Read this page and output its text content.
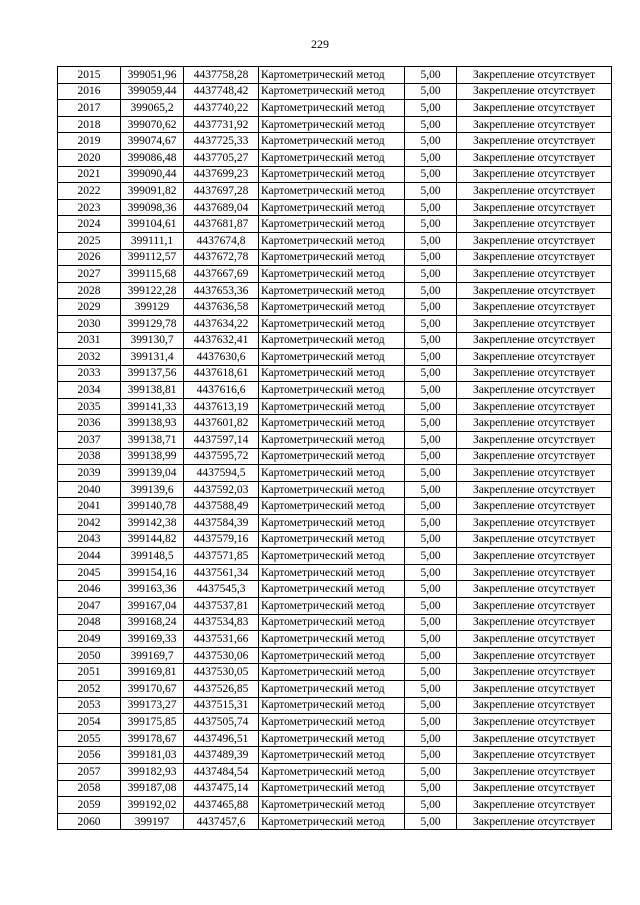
229
2015	399051,96	4437758,28	Картометрический метод	5,00	Закрепление отсутствует
2016	399059,44	4437748,42	Картометрический метод	5,00	Закрепление отсутствует
2017	399065,2	4437740,22	Картометрический метод	5,00	Закрепление отсутствует
2018	399070,62	4437731,92	Картометрический метод	5,00	Закрепление отсутствует
2019	399074,67	4437725,33	Картометрический метод	5,00	Закрепление отсутствует
2020	399086,48	4437705,27	Картометрический метод	5,00	Закрепление отсутствует
2021	399090,44	4437699,23	Картометрический метод	5,00	Закрепление отсутствует
2022	399091,82	4437697,28	Картометрический метод	5,00	Закрепление отсутствует
2023	399098,36	4437689,04	Картометрический метод	5,00	Закрепление отсутствует
2024	399104,61	4437681,87	Картометрический метод	5,00	Закрепление отсутствует
2025	399111,1	4437674,8	Картометрический метод	5,00	Закрепление отсутствует
2026	399112,57	4437672,78	Картометрический метод	5,00	Закрепление отсутствует
2027	399115,68	4437667,69	Картометрический метод	5,00	Закрепление отсутствует
2028	399122,28	4437653,36	Картометрический метод	5,00	Закрепление отсутствует
2029	399129	4437636,58	Картометрический метод	5,00	Закрепление отсутствует
2030	399129,78	4437634,22	Картометрический метод	5,00	Закрепление отсутствует
2031	399130,7	4437632,41	Картометрический метод	5,00	Закрепление отсутствует
2032	399131,4	4437630,6	Картометрический метод	5,00	Закрепление отсутствует
2033	399137,56	4437618,61	Картометрический метод	5,00	Закрепление отсутствует
2034	399138,81	4437616,6	Картометрический метод	5,00	Закрепление отсутствует
2035	399141,33	4437613,19	Картометрический метод	5,00	Закрепление отсутствует
2036	399138,93	4437601,82	Картометрический метод	5,00	Закрепление отсутствует
2037	399138,71	4437597,14	Картометрический метод	5,00	Закрепление отсутствует
2038	399138,99	4437595,72	Картометрический метод	5,00	Закрепление отсутствует
2039	399139,04	4437594,5	Картометрический метод	5,00	Закрепление отсутствует
2040	399139,6	4437592,03	Картометрический метод	5,00	Закрепление отсутствует
2041	399140,78	4437588,49	Картометрический метод	5,00	Закрепление отсутствует
2042	399142,38	4437584,39	Картометрический метод	5,00	Закрепление отсутствует
2043	399144,82	4437579,16	Картометрический метод	5,00	Закрепление отсутствует
2044	399148,5	4437571,85	Картометрический метод	5,00	Закрепление отсутствует
2045	399154,16	4437561,34	Картометрический метод	5,00	Закрепление отсутствует
2046	399163,36	4437545,3	Картометрический метод	5,00	Закрепление отсутствует
2047	399167,04	4437537,81	Картометрический метод	5,00	Закрепление отсутствует
2048	399168,24	4437534,83	Картометрический метод	5,00	Закрепление отсутствует
2049	399169,33	4437531,66	Картометрический метод	5,00	Закрепление отсутствует
2050	399169,7	4437530,06	Картометрический метод	5,00	Закрепление отсутствует
2051	399169,81	4437530,05	Картометрический метод	5,00	Закрепление отсутствует
2052	399170,67	4437526,85	Картометрический метод	5,00	Закрепление отсутствует
2053	399173,27	4437515,31	Картометрический метод	5,00	Закрепление отсутствует
2054	399175,85	4437505,74	Картометрический метод	5,00	Закрепление отсутствует
2055	399178,67	4437496,51	Картометрический метод	5,00	Закрепление отсутствует
2056	399181,03	4437489,39	Картометрический метод	5,00	Закрепление отсутствует
2057	399182,93	4437484,54	Картометрический метод	5,00	Закрепление отсутствует
2058	399187,08	4437475,14	Картометрический метод	5,00	Закрепление отсутствует
2059	399192,02	4437465,88	Картометрический метод	5,00	Закрепление отсутствует
2060	399197	4437457,6	Картометрический метод	5,00	Закрепление отсутствует
